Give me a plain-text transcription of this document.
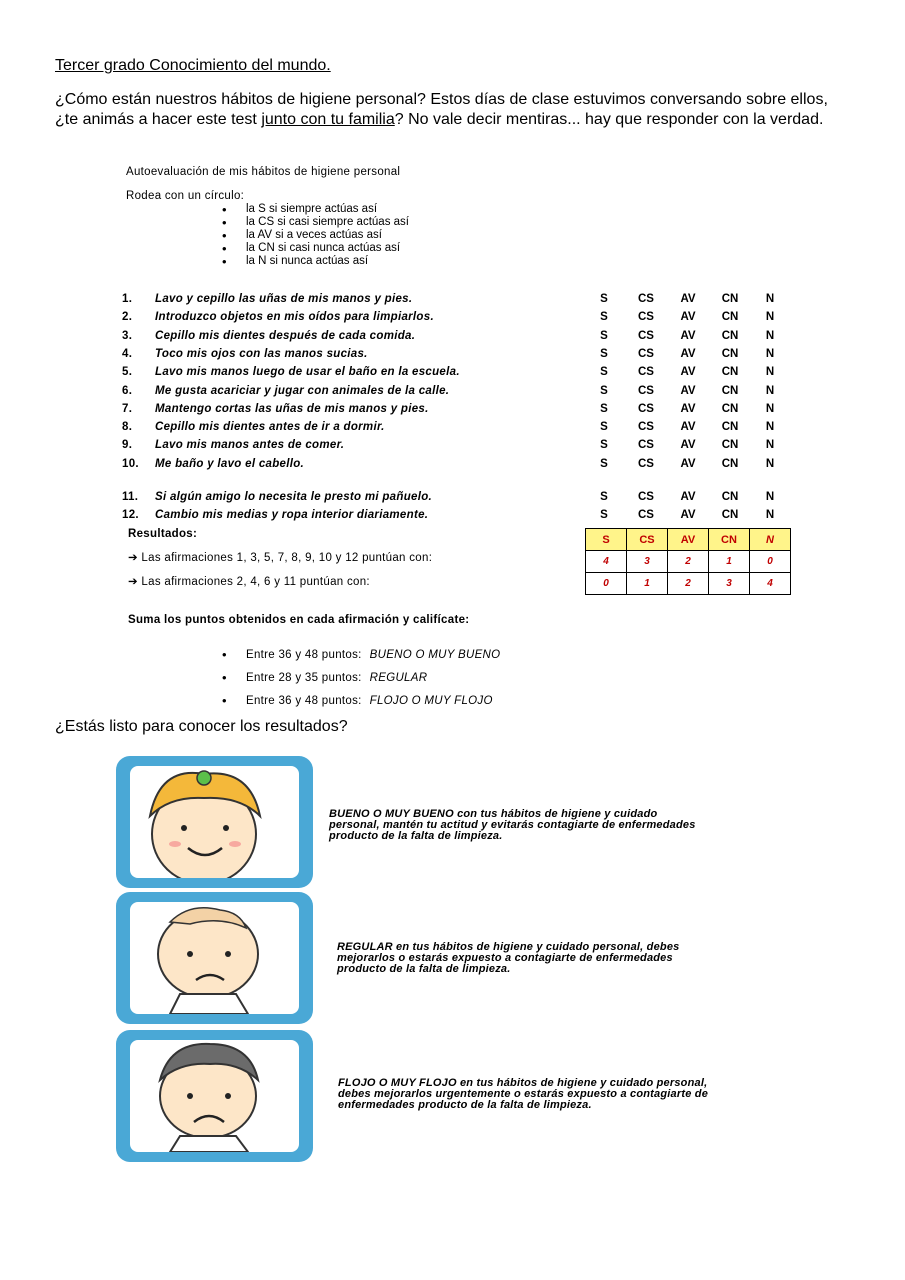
Tercer grado Conocimiento del mundo.
¿Cómo están nuestros hábitos de higiene personal? Estos días de clase estuvimos conversando sobre ellos, ¿te animás a hacer este test junto con tu familia? No vale decir mentiras... hay que responder con la verdad.
Autoevaluación de mis hábitos de higiene personal
Rodea con un círculo:
• la S si siempre actúas así
• la CS si casi siempre actúas así
• la AV si a veces actúas así
• la CN si casi nunca actúas así
• la N si nunca actúas así
1. Lavo y cepillo las uñas de mis manos y pies.	S	CS	AV	CN	N
2. Introduzco objetos en mis oídos para limpiarlos.	S	CS	AV	CN	N
3. Cepillo mis dientes después de cada comida.	S	CS	AV	CN	N
4. Toco mis ojos con las manos sucias.	S	CS	AV	CN	N
5. Lavo mis manos luego de usar el baño en la escuela.	S	CS	AV	CN	N
6. Me gusta acariciar y jugar con animales de la calle.	S	CS	AV	CN	N
7. Mantengo cortas las uñas de mis manos y pies.	S	CS	AV	CN	N
8. Cepillo mis dientes antes de ir a dormir.	S	CS	AV	CN	N
9. Lavo mis manos antes de comer.	S	CS	AV	CN	N
10. Me baño y lavo el cabello.	S	CS	AV	CN	N
11. Si algún amigo lo necesita le presto mi pañuelo.	S	CS	AV	CN	N
12. Cambio mis medias y ropa interior diariamente.	S	CS	AV	CN	N
Resultados:
➔ Las afirmaciones 1, 3, 5, 7, 8, 9, 10 y 12 puntúan con:
➔ Las afirmaciones 2, 4, 6 y 11 puntúan con:
S	CS	AV	CN	N
4	3	2	1	0
0	1	2	3	4
Suma los puntos obtenidos en cada afirmación y califícate:
• Entre 36 y 48 puntos: BUENO O MUY BUENO
• Entre 28 y 35 puntos: REGULAR
• Entre 36 y 48 puntos: FLOJO O MUY FLOJO
¿Estás listo para conocer los resultados?
BUENO O MUY BUENO con tus hábitos de higiene y cuidado personal, mantén tu actitud y evitarás contagiarte de enfermedades producto de la falta de limpieza.
REGULAR en tus hábitos de higiene y cuidado personal, debes mejorarlos o estarás expuesto a contagiarte de enfermedades producto de la falta de limpieza.
FLOJO O MUY FLOJO en tus hábitos de higiene y cuidado personal, debes mejorarlos urgentemente o estarás expuesto a contagiarte de enfermedades producto de la falta de limpieza.
